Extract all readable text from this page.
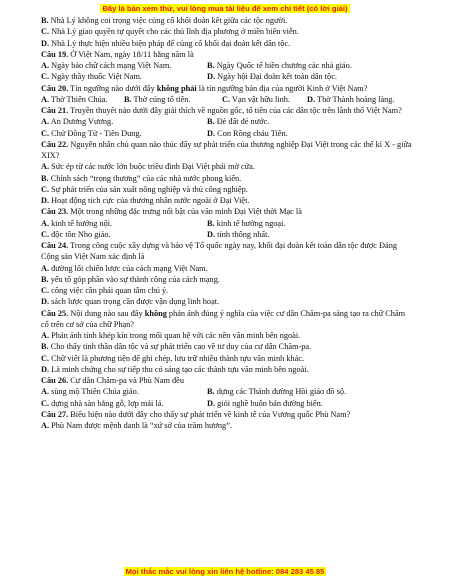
Đây là bản xem thử, vui lòng mua tài liệu để xem chi tiết (có lời giải)
B. Nhà Lý không coi trọng việc củng cố khối đoàn kết giữa các tộc người.
C. Nhà Lý giao quyền tự quyết cho các thủ lĩnh địa phương ở miền biên viễn.
D. Nhà Lý thực hiện nhiều biện pháp để củng cố khối đại đoàn kết dân tộc.
Câu 19. Ở Việt Nam, ngày 18/11 hằng năm là
A. Ngày bảo chữ cách mạng Việt Nam.	B. Ngày Quốc tế hiền chương các nhà giáo.
C. Ngày thầy thuốc Việt Nam.	D. Ngày hội Đại đoàn kết toàn dân tộc.
Câu 20. Tín ngưỡng nào dưới đây không phải là tín ngưỡng bản địa của người Kinh ở Việt Nam?
A. Thờ Thiên Chúa.	B. Thờ cúng tổ tiên.	C. Vạn vật hữu linh.	D. Thờ Thành hoàng làng.
Câu 21. Truyền thuyết nào dưới đây giải thích về nguồn gốc, tổ tiên của các dân tộc trên lãnh thổ Việt Nam?
A. An Dương Vương.	B. Đẻ đất đẻ nước.
C. Chử Đồng Tử - Tiên Dung.	D. Con Rồng cháu Tiên.
Câu 22. Nguyên nhân chủ quan nào thúc đẩy sự phát triển của thương nghiệp Đại Việt trong các thế kỉ X - giữa XIX?
A. Sức ép từ các nước lớn buộc triều đình Đại Việt phải mở cửa.
B. Chính sách “trọng thương” của các nhà nước phong kiến.
C. Sự phát triển của sản xuất nông nghiệp và thủ công nghiệp.
D. Hoạt động tích cực của thương nhân nước ngoài ở Đại Việt.
Câu 23. Một trong những đặc trưng nổi bật của văn minh Đại Việt thời Mạc là
A. kinh tế hướng nội.	B. kinh tế hướng ngoại.
C. độc tôn Nho giáo.	D. tính thống nhất.
Câu 24. Trong công cuộc xây dựng và bảo vệ Tổ quốc ngày nay, khối đại đoàn kết toàn dân tộc được Đảng Cộng sản Việt Nam xác định là
A. đường lối chiến lược của cách mạng Việt Nam.
B. yếu tố góp phần vào sự thành công của cách mạng.
C. công việc cần phải quan tâm chú ý.
D. sách lược quan trọng cần được vận dụng linh hoạt.
Câu 25. Nội dung nào sau đây không phản ánh đúng ý nghĩa của việc cư dân Chăm-pa sáng tạo ra chữ Chăm cổ trên cơ sở của chữ Phạn?
A. Phản ánh tính khép kín trong mối quan hệ với các nền văn minh bên ngoài.
B. Cho thấy tinh thần dân tộc và sự phát triển cao về tư duy của cư dân Chăm-pa.
C. Chữ viết là phương tiện để ghi chép, lưu trữ nhiều thành tựu văn minh khác.
D. Là minh chứng cho sự tiếp thu có sáng tạo các thành tựu văn minh bên ngoài.
Câu 26. Cư dân Chăm-pa và Phù Nam đều
A. sùng mộ Thiên Chúa giáo.	B. dựng các Thánh đường Hồi giáo đồ sộ.
C. dựng nhà sàn bằng gỗ, lợp mái lá.	D. giỏi nghề buôn bán đường biển.
Câu 27. Biểu hiện nào dưới đây cho thấy sự phát triển về kinh tế của Vương quốc Phù Nam?
A. Phù Nam được mệnh danh là “xứ sở của trăm hương”.
Mọi thắc mắc vui lòng xin liên hệ hotline: 084 283 45 85
